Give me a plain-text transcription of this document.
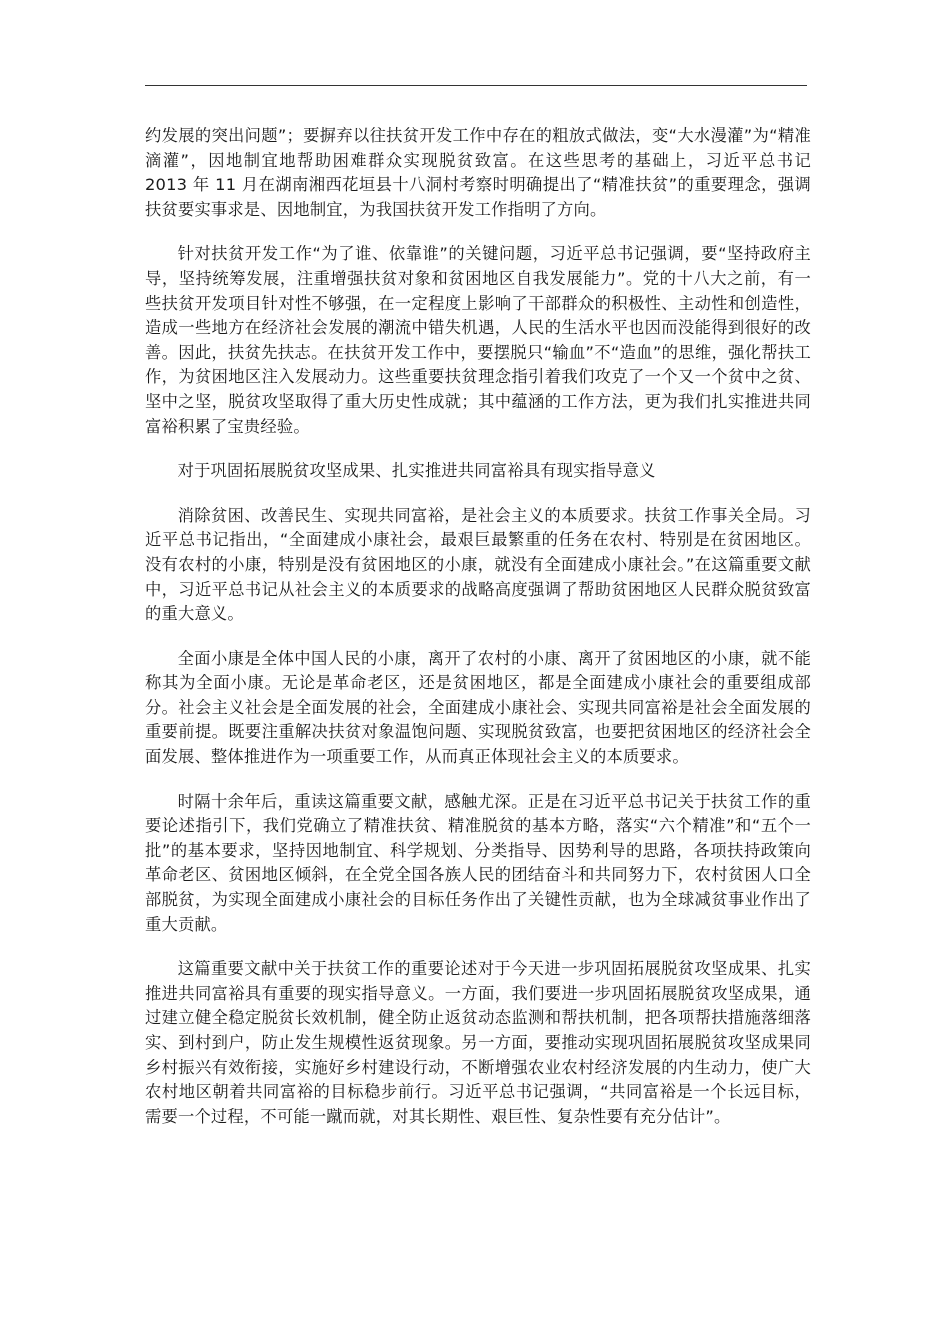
约发展的突出问题”；要摒弃以往扶贫开发工作中存在的粗放式做法，变“大水漫灌”为“精准滴灌”，因地制宜地帮助困难群众实现脱贫致富。在这些思考的基础上，习近平总书记 2013 年 11 月在湖南湘西花垣县十八洞村考察时明确提出了“精准扶贫”的重要理念，强调扶贫要实事求是、因地制宜，为我国扶贫开发工作指明了方向。

针对扶贫开发工作“为了谁、依靠谁”的关键问题，习近平总书记强调，要“坚持政府主导，坚持统筹发展，注重增强扶贫对象和贫困地区自我发展能力”。党的十八大之前，有一些扶贫开发项目针对性不够强，在一定程度上影响了干部群众的积极性、主动性和创造性，造成一些地方在经济社会发展的潮流中错失机遇，人民的生活水平也因而没能得到很好的改善。因此，扶贫先扶志。在扶贫开发工作中，要摆脱只“输血”不“造血”的思维，强化帮扶工作，为贫困地区注入发展动力。这些重要扶贫理念指引着我们攻克了一个又一个贫中之贫、坚中之坚，脱贫攻坚取得了重大历史性成就；其中蕴涵的工作方法，更为我们扎实推进共同富裕积累了宝贵经验。

对于巩固拓展脱贫攻坚成果、扎实推进共同富裕具有现实指导意义

消除贫困、改善民生、实现共同富裕，是社会主义的本质要求。扶贫工作事关全局。习近平总书记指出，“全面建成小康社会，最艰巨最繁重的任务在农村、特别是在贫困地区。没有农村的小康，特别是没有贫困地区的小康，就没有全面建成小康社会。”在这篇重要文献中，习近平总书记从社会主义的本质要求的战略高度强调了帮助贫困地区人民群众脱贫致富的重大意义。

全面小康是全体中国人民的小康，离开了农村的小康、离开了贫困地区的小康，就不能称其为全面小康。无论是革命老区，还是贫困地区，都是全面建成小康社会的重要组成部分。社会主义社会是全面发展的社会，全面建成小康社会、实现共同富裕是社会全面发展的重要前提。既要注重解决扶贫对象温饱问题、实现脱贫致富，也要把贫困地区的经济社会全面发展、整体推进作为一项重要工作，从而真正体现社会主义的本质要求。

时隔十余年后，重读这篇重要文献，感触尤深。正是在习近平总书记关于扶贫工作的重要论述指引下，我们党确立了精准扶贫、精准脱贫的基本方略，落实“六个精准”和“五个一批”的基本要求，坚持因地制宜、科学规划、分类指导、因势利导的思路，各项扶持政策向革命老区、贫困地区倾斜，在全党全国各族人民的团结奋斗和共同努力下，农村贫困人口全部脱贫，为实现全面建成小康社会的目标任务作出了关键性贡献，也为全球减贫事业作出了重大贡献。

这篇重要文献中关于扶贫工作的重要论述对于今天进一步巩固拓展脱贫攻坚成果、扎实推进共同富裕具有重要的现实指导意义。一方面，我们要进一步巩固拓展脱贫攻坚成果，通过建立健全稳定脱贫长效机制，健全防止返贫动态监测和帮扶机制，把各项帮扶措施落细落实、到村到户，防止发生规模性返贫现象。另一方面，要推动实现巩固拓展脱贫攻坚成果同乡村振兴有效衔接，实施好乡村建设行动，不断增强农业农村经济发展的内生动力，使广大农村地区朝着共同富裕的目标稳步前行。习近平总书记强调，“共同富裕是一个长远目标，需要一个过程，不可能一蹴而就，对其长期性、艰巨性、复杂性要有充分估计”。
